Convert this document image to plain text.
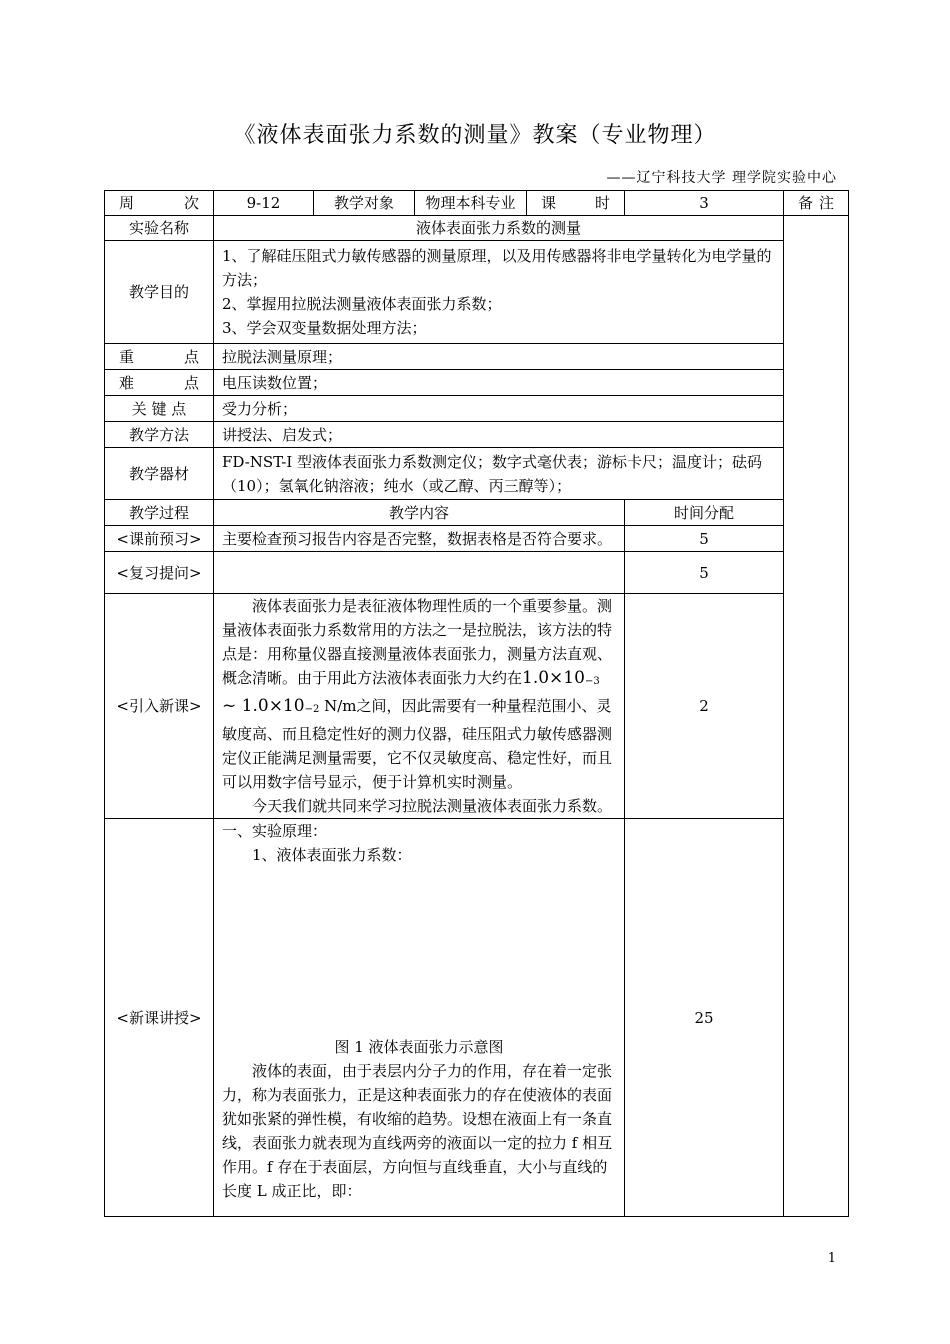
《液体表面张力系数的测量》教案（专业物理）
——辽宁科技大学 理学院实验中心
周 次	9-12	教学对象	物理本科专业	课 时	3	备 注
实验名称	液体表面张力系数的测量					
教学目的	1、了解硅压阻式力敏传感器的测量原理，以及用传感器将非电学量转化为电学量的方法；

2、掌握用拉脱法测量液体表面张力系数；

3、学会双变量数据处理方法；					

重 点	拉脱法测量原理；					
难 点	电压读数位置；					
关 键 点	受力分析；					
教学方法	讲授法、启发式；					
教学器材	FD-NST-I 型液体表面张力系数测定仪；数字式毫伏表；游标卡尺；温度计；砝码（10）；氢氧化钠溶液；纯水（或乙醇、丙三醇等）；					
教学过程	教学内容				时间分配	
<课前预习>	主要检查预习报告内容是否完整，数据表格是否符合要求。				5	
<复习提问>					5	
<引入新课>	液体表面张力是表征液体物理性质的一个重要参量。测量液体表面张力系数常用的方法之一是拉脱法，该方法的特点是：用称量仪器直接测量液体表面张力，测量方法直观、概念清晰。由于用此方法液体表面张力大约在1.0×10−3 ~ 1.0×10−2 N/m之间，因此需要有一种量程范围小、灵敏度高、而且稳定性好的测力仪器，硅压阻式力敏传感器测定仪正能满足测量需要，它不仅灵敏度高、稳定性好，而且可以用数字信号显示，便于计算机实时测量。

今天我们就共同来学习拉脱法测量液体表面张力系数。				2	
<新课讲授>	一、实验原理：

1、液体表面张力系数：

图 1 液体表面张力示意图

液体的表面，由于表层内分子力的作用，存在着一定张力，称为表面张力，正是这种表面张力的存在使液体的表面犹如张紧的弹性模，有收缩的趋势。设想在液面上有一条直线，表面张力就表现为直线两旁的液面以一定的拉力 f 相互作用。f 存在于表面层，方向恒与直线垂直，大小与直线的长度 L 成正比，即：				25	
1
